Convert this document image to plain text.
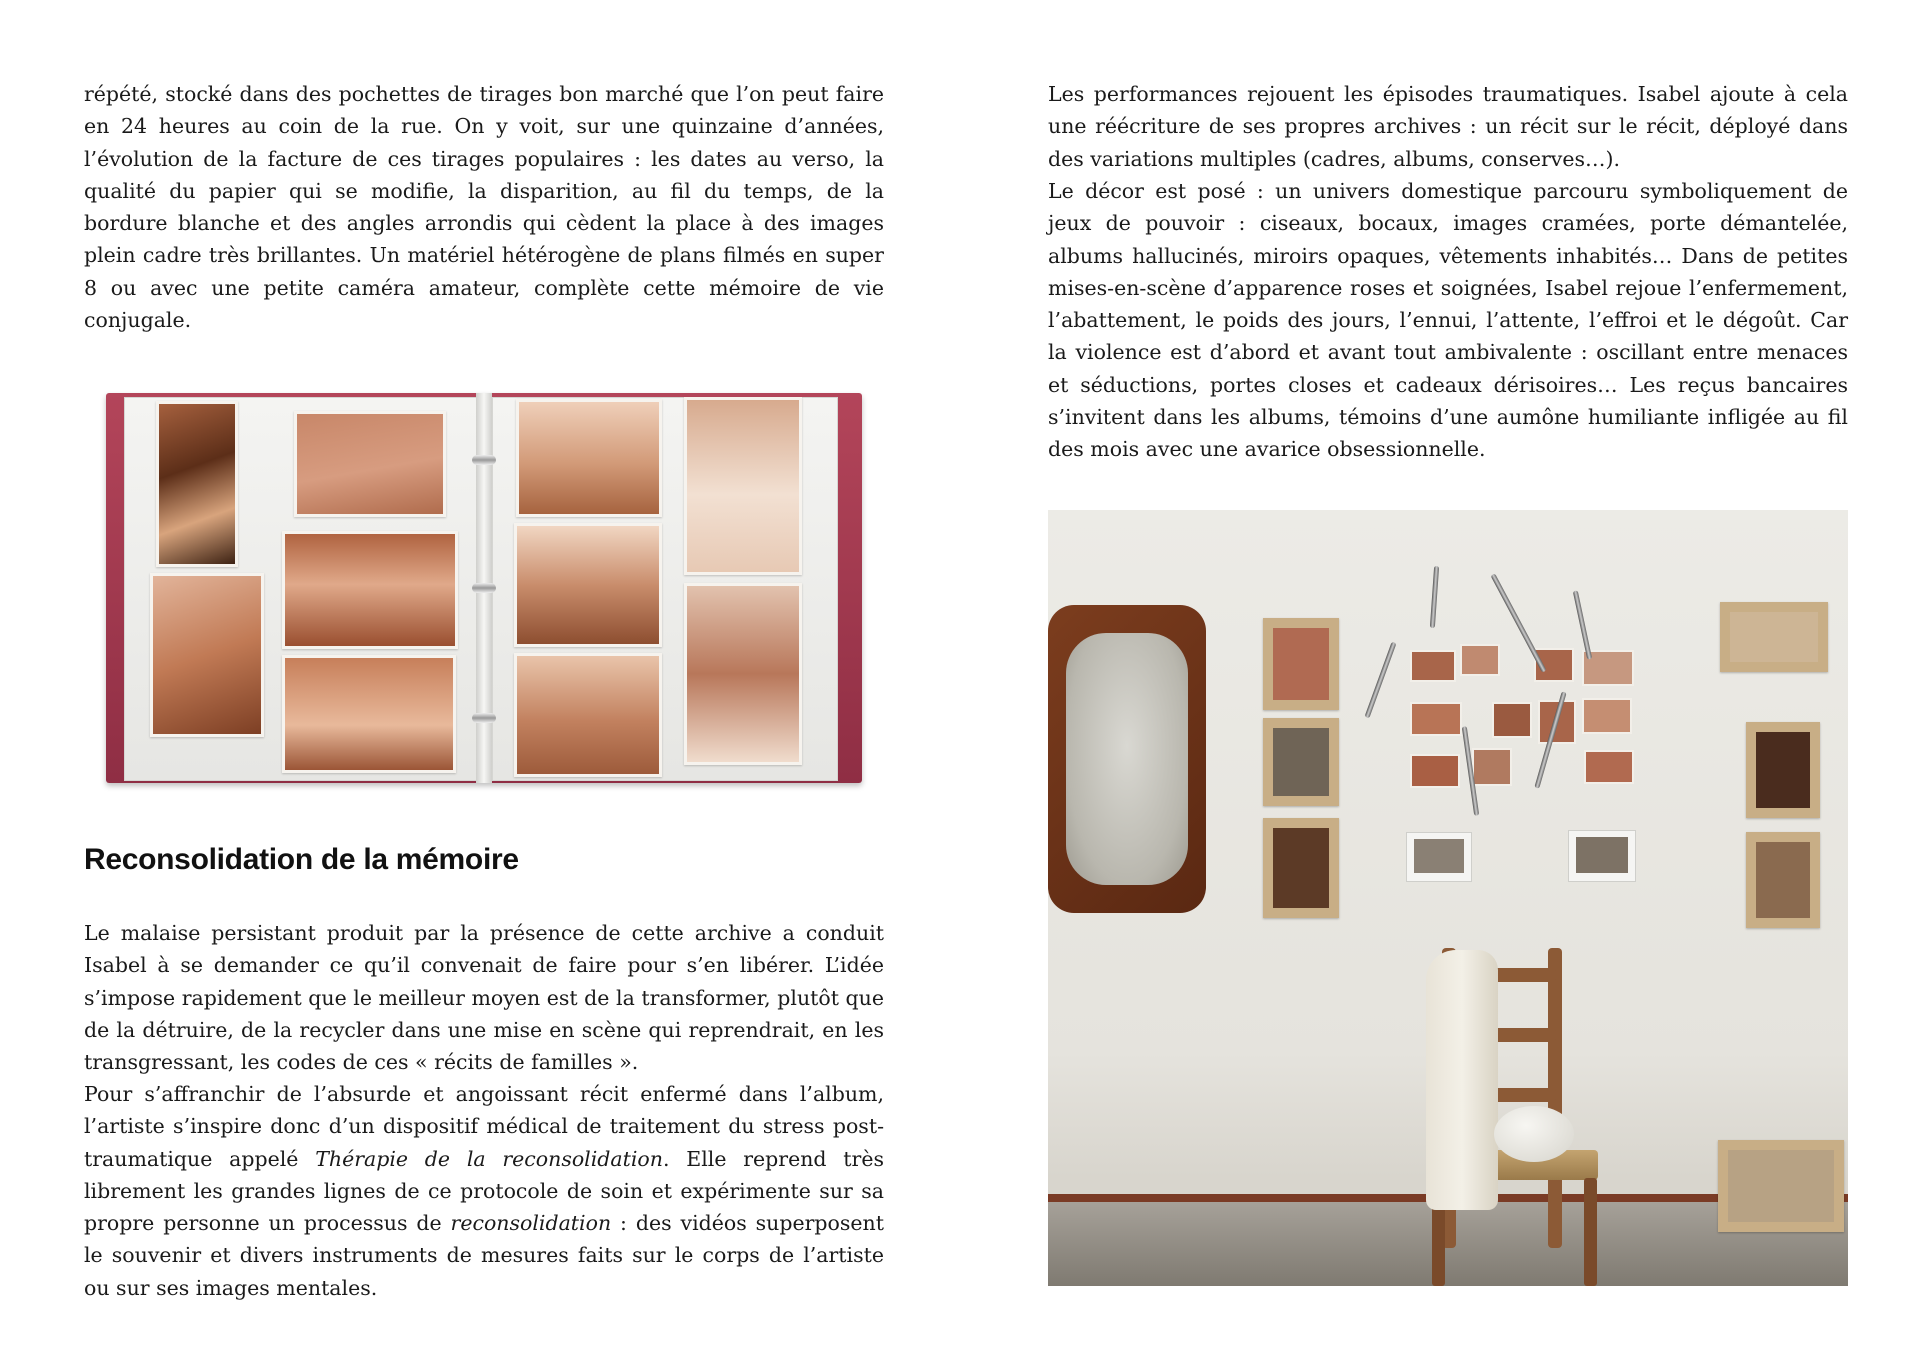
répété, stocké dans des pochettes de tirages bon marché que l’on peut faire en 24 heures au coin de la rue. On y voit, sur une quinzaine d’années, l’évolution de la facture de ces tirages populaires : les dates au verso, la qualité du papier qui se modifie, la disparition, au fil du temps, de la bordure blanche et des angles arrondis qui cèdent la place à des images plein cadre très brillantes. Un matériel hétérogène de plans filmés en super 8 ou avec une petite caméra amateur, complète cette mémoire de vie conjugale.

Reconsolidation de la mémoire

Le malaise persistant produit par la présence de cette archive a conduit Isabel à se demander ce qu’il convenait de faire pour s’en libérer. L’idée s’impose rapidement que le meilleur moyen est de la transformer, plutôt que de la détruire, de la recycler dans une mise en scène qui reprendrait, en les transgressant, les codes de ces « récits de familles ».

Pour s’affranchir de l’absurde et angoissant récit enfermé dans l’album, l’artiste s’inspire donc d’un dispositif médical de traitement du stress post-traumatique appelé Thérapie de la reconsolidation. Elle reprend très librement les grandes lignes de ce protocole de soin et expérimente sur sa propre personne un processus de reconsolidation : des vidéos superposent le souvenir et divers instruments de mesures faits sur le corps de l’artiste ou sur ses images mentales.

Les performances rejouent les épisodes traumatiques. Isabel ajoute à cela une réécriture de ses propres archives : un récit sur le récit, déployé dans des variations multiples (cadres, albums, conserves…).

Le décor est posé : un univers domestique parcouru symboliquement de jeux de pouvoir : ciseaux, bocaux, images cramées, porte démantelée, albums hallucinés, miroirs opaques, vêtements inhabités… Dans de petites mises-en-scène d’apparence roses et soignées, Isabel rejoue l’enfermement, l’abattement, le poids des jours, l’ennui, l’attente, l’effroi et le dégoût. Car la violence est d’abord et avant tout ambivalente : oscillant entre menaces et séductions, portes closes et cadeaux dérisoires… Les reçus bancaires s’invitent dans les albums, témoins d’une aumône humiliante infligée au fil des mois avec une avarice obsessionnelle.
